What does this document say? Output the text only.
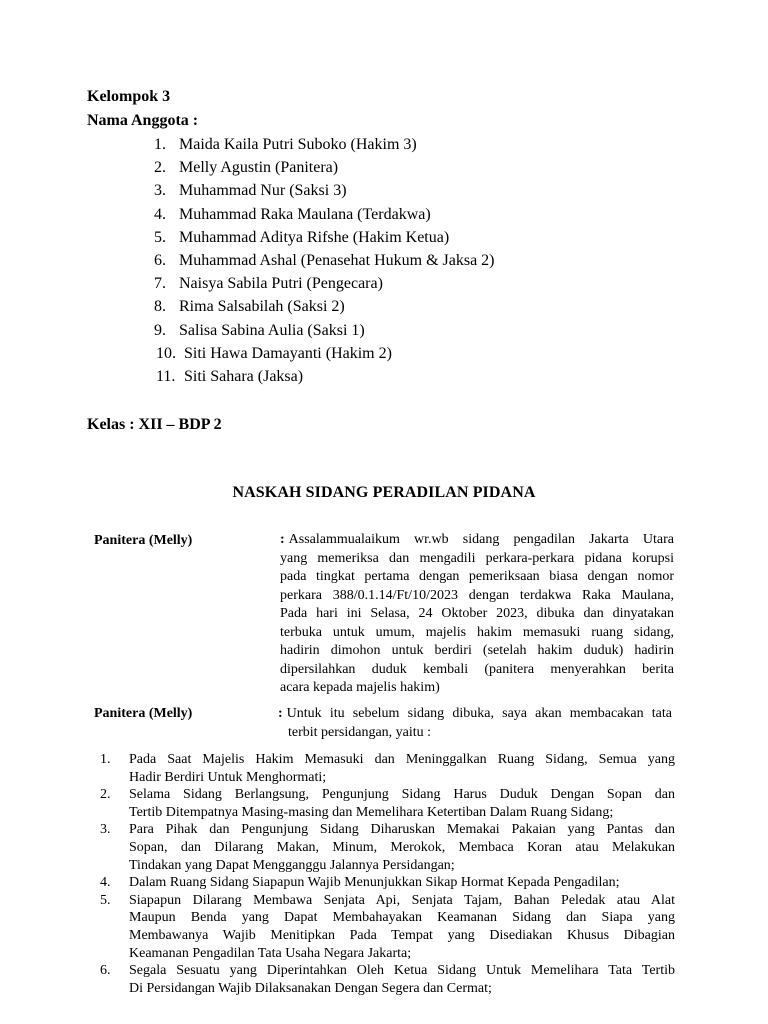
Kelompok 3
Nama Anggota :
1. Maida Kaila Putri Suboko (Hakim 3)
2. Melly Agustin (Panitera)
3. Muhammad Nur (Saksi 3)
4. Muhammad Raka Maulana (Terdakwa)
5. Muhammad Aditya Rifshe (Hakim Ketua)
6. Muhammad Ashal (Penasehat Hukum & Jaksa 2)
7. Naisya Sabila Putri (Pengecara)
8. Rima Salsabilah (Saksi 2)
9. Salisa Sabina Aulia (Saksi 1)
10. Siti Hawa Damayanti (Hakim 2)
11. Siti Sahara (Jaksa)
Kelas : XII – BDP 2
NASKAH SIDANG PERADILAN PIDANA
Panitera (Melly)	: Assalammualaikum wr.wb sidang pengadilan Jakarta Utara
yang memeriksa dan mengadili perkara-perkara pidana korupsi
pada tingkat pertama dengan pemeriksaan biasa dengan nomor
perkara 388/0.1.14/Ft/10/2023 dengan terdakwa Raka Maulana,
Pada hari ini Selasa, 24 Oktober 2023, dibuka dan dinyatakan
terbuka untuk umum, majelis hakim memasuki ruang sidang,
hadirin dimohon untuk berdiri (setelah hakim duduk) hadirin
dipersilahkan duduk kembali (panitera menyerahkan berita
acara kepada majelis hakim)
Panitera (Melly)	: Untuk itu sebelum sidang dibuka, saya akan membacakan tata
terbit persidangan, yaitu :
1. Pada Saat Majelis Hakim Memasuki dan Meninggalkan Ruang Sidang, Semua yang
Hadir Berdiri Untuk Menghormati;
2. Selama Sidang Berlangsung, Pengunjung Sidang Harus Duduk Dengan Sopan dan
Tertib Ditempatnya Masing-masing dan Memelihara Ketertiban Dalam Ruang Sidang;
3. Para Pihak dan Pengunjung Sidang Diharuskan Memakai Pakaian yang Pantas dan
Sopan, dan Dilarang Makan, Minum, Merokok, Membaca Koran atau Melakukan
Tindakan yang Dapat Mengganggu Jalannya Persidangan;
4. Dalam Ruang Sidang Siapapun Wajib Menunjukkan Sikap Hormat Kepada Pengadilan;
5. Siapapun Dilarang Membawa Senjata Api, Senjata Tajam, Bahan Peledak atau Alat
Maupun Benda yang Dapat Membahayakan Keamanan Sidang dan Siapa yang
Membawanya Wajib Menitipkan Pada Tempat yang Disediakan Khusus Dibagian
Keamanan Pengadilan Tata Usaha Negara Jakarta;
6. Segala Sesuatu yang Diperintahkan Oleh Ketua Sidang Untuk Memelihara Tata Tertib
Di Persidangan Wajib Dilaksanakan Dengan Segera dan Cermat;
